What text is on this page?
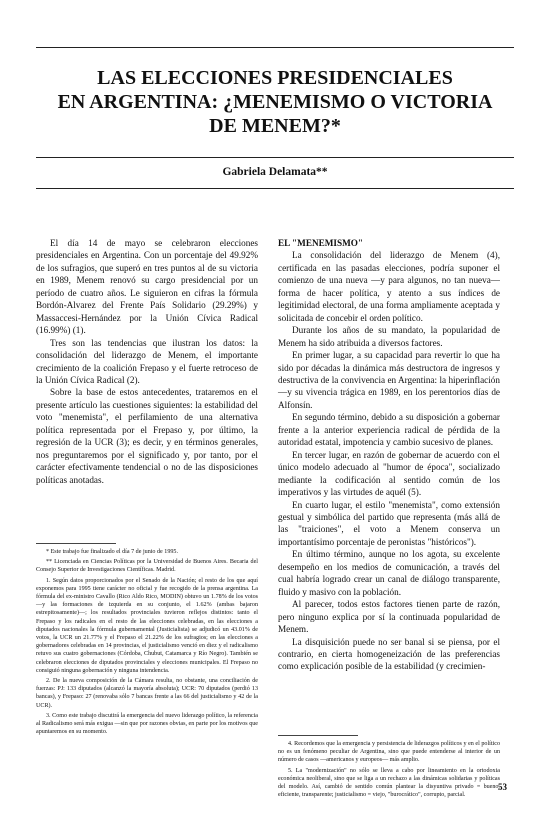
LAS ELECCIONES PRESIDENCIALES
EN ARGENTINA: ¿MENEMISMO O VICTORIA
DE MENEM?*
Gabriela Delamata**

El día 14 de mayo se celebraron elecciones presidenciales en Argentina. Con un porcentaje del 49.92% de los sufragios, que superó en tres puntos al de su victoria en 1989, Menem renovó su cargo presidencial por un período de cuatro años. Le siguieron en cifras la fórmula Bordón-Alvarez del Frente País Solidario (29.29%) y Massaccesi-Hernández por la Unión Cívica Radical (16.99%) (1).

Tres son las tendencias que ilustran los datos: la consolidación del liderazgo de Menem, el importante crecimiento de la coalición Frepaso y el fuerte retroceso de la Unión Cívica Radical (2).

Sobre la base de estos antecedentes, trataremos en el presente artículo las cuestiones siguientes: la estabilidad del voto "menemista", el perfilamiento de una alternativa política representada por el Frepaso y, por último, la regresión de la UCR (3); es decir, y en términos generales, nos preguntaremos por el significado y, por tanto, por el carácter efectivamente tendencial o no de las disposiciones políticas anotadas.

* Este trabajo fue finalizado el día 7 de junio de 1995.

** Licenciada en Ciencias Políticas por la Universidad de Buenos Aires. Becaria del Consejo Superior de Investigaciones Científicas. Madrid.

1. Según datos proporcionados por el Senado de la Nación; el resto de los que aquí exponemos para 1995 tiene carácter no oficial y fue recogido de la prensa argentina. La fórmula del ex-ministro Cavallo (Rico Aldo Rico, MODIN) obtuvo un 1.78% de los votos —y las formaciones de izquierda en su conjunto, el 1.62% (ambas bajaron estrepitosamente)—; los resultados provinciales tuvieron reflejos distintos: tanto el Frepaso y los radicales en el resto de las elecciones celebradas, en las elecciones a diputados nacionales la fórmula gubernamental (Justicialista) se adjudicó un 43.01% de votos, la UCR un 21.77% y el Frepaso el 21.22% de los sufragios; en las elecciones a gobernadores celebradas en 14 provincias, el justicialismo venció en diez y el radicalismo retuvo sus cuatro gobernaciones (Córdoba, Chubut, Catamarca y Río Negro). También se celebraron elecciones de diputados provinciales y elecciones municipales. El Frepaso no consiguió ninguna gobernación y ninguna intendencia.

2. De la nueva composición de la Cámara resulta, no obstante, una conciliación de fuerzas: PJ: 133 diputados (alcanzó la mayoría absoluta); UCR: 70 diputados (perdió 13 bancas), y Frepaso: 27 (renovaba sólo 7 bancas frente a las 66 del justicialismo y 42 de la UCR).

3. Como este trabajo discutirá la emergencia del nuevo liderazgo político, la referencia al Radicalismo será más exigua —sin que por razones obvias, en parte por los motivos que apuntaremos en su momento.

EL "MENEMISMO"

La consolidación del liderazgo de Menem (4), certificada en las pasadas elecciones, podría suponer el comienzo de una nueva —y para algunos, no tan nueva— forma de hacer política, y atento a sus índices de legitimidad electoral, de una forma ampliamente aceptada y solicitada de concebir el orden político.

Durante los años de su mandato, la popularidad de Menem ha sido atribuida a diversos factores.

En primer lugar, a su capacidad para revertir lo que ha sido por décadas la dinámica más destructora de ingresos y destructiva de la convivencia en Argentina: la hiperinflación —y su vivencia trágica en 1989, en los perentorios días de Alfonsín.

En segundo término, debido a su disposición a gobernar frente a la anterior experiencia radical de pérdida de la autoridad estatal, impotencia y cambio sucesivo de planes.

En tercer lugar, en razón de gobernar de acuerdo con el único modelo adecuado al "humor de época", socializado mediante la codificación al sentido común de los imperativos y las virtudes de aquél (5).

En cuarto lugar, el estilo "menemista", como extensión gestual y simbólica del partido que representa (más allá de las "traiciones", el voto a Menem conserva un importantísimo porcentaje de peronistas "históricos").

En último término, aunque no los agota, su excelente desempeño en los medios de comunicación, a través del cual habría logrado crear un canal de diálogo transparente, fluido y masivo con la población.

Al parecer, todos estos factores tienen parte de razón, pero ninguno explica por sí la continuada popularidad de Menem.

La disquisición puede no ser banal si se piensa, por el contrario, en cierta homogeneización de las preferencias como explicación posible de la estabilidad (y crecimien-

4. Recordemos que la emergencia y persistencia de liderazgos políticos y en el político no es un fenómeno peculiar de Argentina, sino que puede entenderse al interior de un número de casos —americanos y europeos— más amplio.

5. La "modernización" no sólo se lleva a cabo por lineamiento en la ortodoxia económica neoliberal, sino que se liga a un rechazo a las dinámicas solidarias y políticas del modelo. Así, cambió de sentido común plantear la disyuntiva privado = bueno, eficiente, transparente; justicialismo = viejo, "burocrático", corrupto, parcial.

53
